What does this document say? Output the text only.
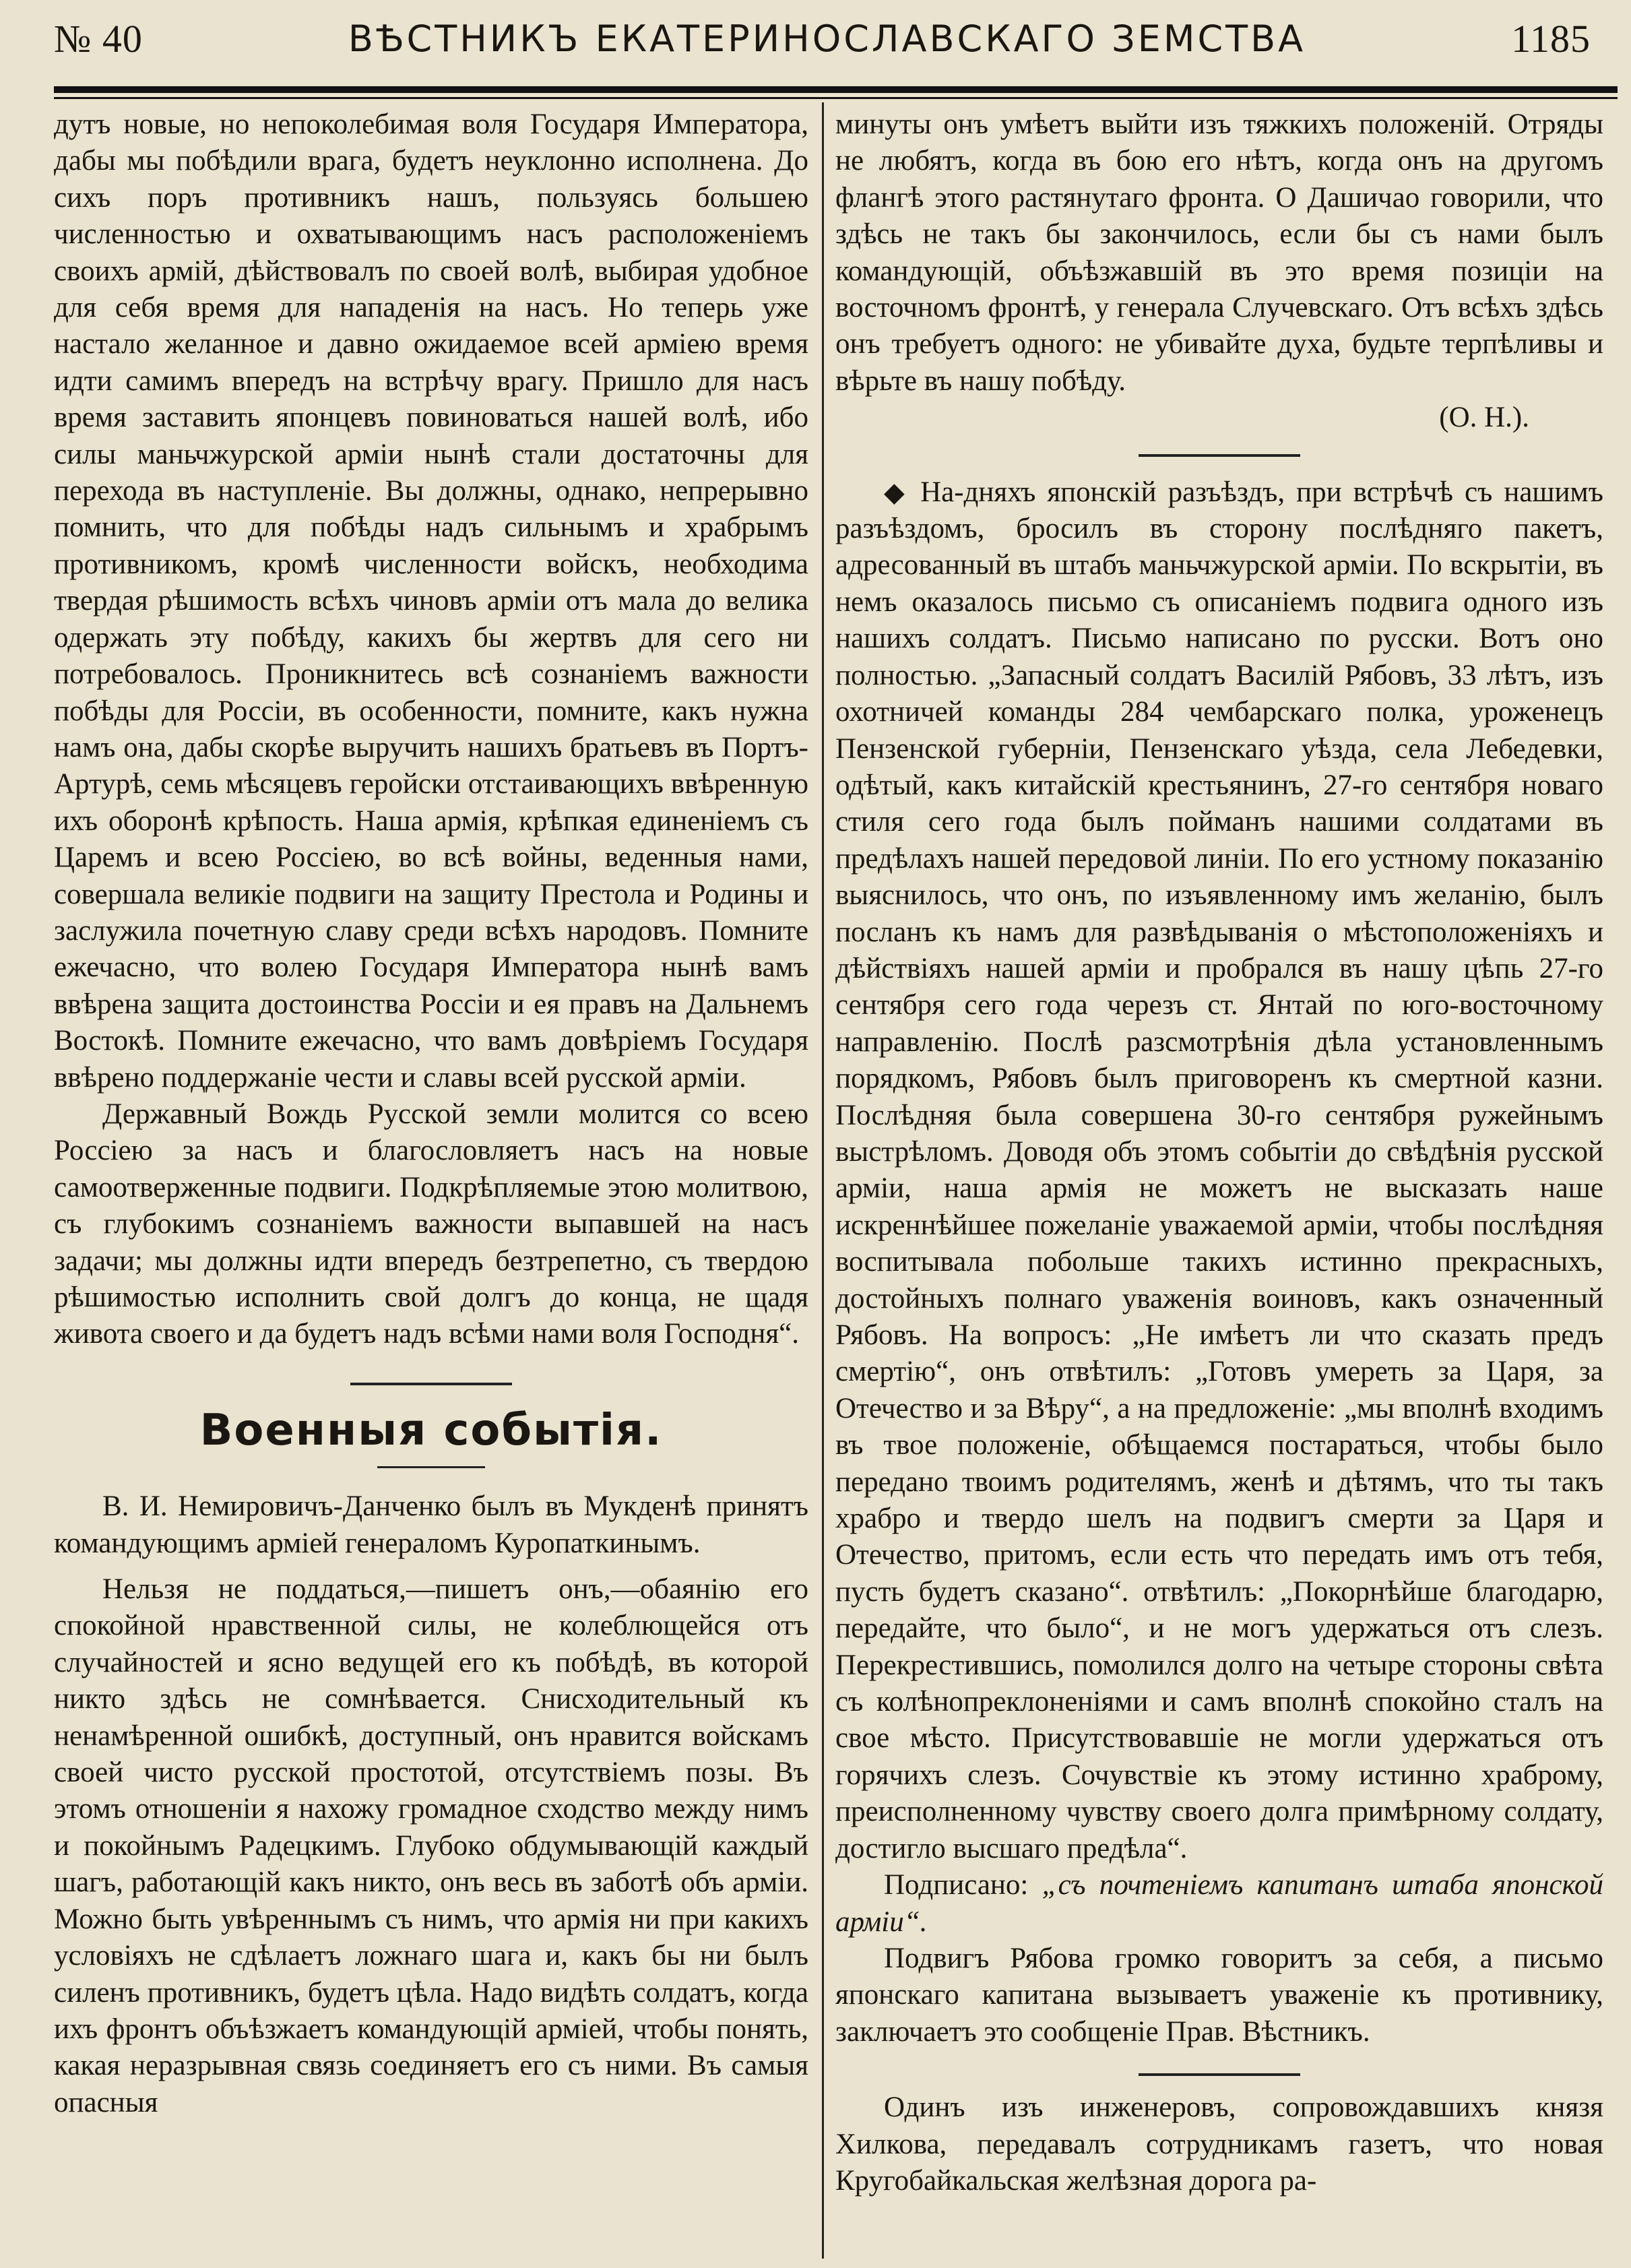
№ 40	ВѢСТНИКЪ ЕКАТЕРИНОСЛАВСКАГО ЗЕМСТВА	1185

дутъ новые, но непоколебимая воля Государя Императора, дабы мы побѣдили врага, будетъ неуклонно исполнена. До сихъ поръ противникъ нашъ, пользуясь большею численностью и охватывающимъ насъ расположенiемъ своихъ армій, дѣйствовалъ по своей волѣ, выбирая удобное для себя время для нападенія на насъ. Но теперь уже настало желанное и давно ожидаемое всей арміею время идти самимъ впередъ на встрѣчу врагу. Пришло для насъ время заставить японцевъ повиноваться нашей волѣ, ибо силы маньчжурской арміи нынѣ стали достаточны для перехода въ наступленіе. Вы должны, однако, непрерывно помнить, что для побѣды надъ сильнымъ и храбрымъ противникомъ, кромѣ численности войскъ, необходима твердая рѣшимость всѣхъ чиновъ арміи отъ мала до велика одержать эту побѣду, какихъ бы жертвъ для сего ни потребовалось. Проникнитесь всѣ сознаніемъ важности побѣды для Россіи, въ особенности, помните, какъ нужна намъ она, дабы скорѣе выручить нашихъ братьевъ въ Портъ-Артурѣ, семь мѣсяцевъ геройски отстаивающихъ ввѣренную ихъ оборонѣ крѣпость. Наша армія, крѣпкая единеніемъ съ Царемъ и всею Россіею, во всѣ войны, веденныя нами, совершала великіе подвиги на защиту Престола и Родины и заслужила почетную славу среди всѣхъ народовъ. Помните ежечасно, что волею Государя Императора нынѣ вамъ ввѣрена защита достоинства Россіи и ея правъ на Дальнемъ Востокѣ. Помните ежечасно, что вамъ довѣріемъ Государя ввѣрено поддержаніе чести и славы всей русской арміи.

Державный Вождь Русской земли молится со всею Россіею за насъ и благословляетъ насъ на новые самоотверженные подвиги. Подкрѣпляемые этою молитвою, съ глубокимъ сознаніемъ важности выпавшей на насъ задачи; мы должны идти впередъ безтрепетно, съ твердою рѣшимостью исполнить свой долгъ до конца, не щадя живота своего и да будетъ надъ всѣми нами воля Господня“.

Военныя событія.

В. И. Немировичъ-Данченко былъ въ Мукденѣ принятъ командующимъ арміей генераломъ Куропаткинымъ.

Нельзя не поддаться,—пишетъ онъ,—обаянію его спокойной нравственной силы, не колеблющейся отъ случайностей и ясно ведущей его къ побѣдѣ, въ которой никто здѣсь не сомнѣвается. Снисходительный къ ненамѣренной ошибкѣ, доступный, онъ нравится войскамъ своей чисто русской простотой, отсутствіемъ позы. Въ этомъ отношеніи я нахожу громадное сходство между нимъ и покойнымъ Радецкимъ. Глубоко обдумывающій каждый шагъ, работающій какъ никто, онъ весь въ заботѣ объ арміи. Можно быть увѣреннымъ съ нимъ, что армія ни при какихъ условіяхъ не сдѣлаетъ ложнаго шага и, какъ бы ни былъ силенъ противникъ, будетъ цѣла. Надо видѣть солдатъ, когда ихъ фронтъ объѣзжаетъ командующій арміей, чтобы понять, какая неразрывная связь соединяетъ его съ ними. Въ самыя опасныя

минуты онъ умѣетъ выйти изъ тяжкихъ положеній. Отряды не любятъ, когда въ бою его нѣтъ, когда онъ на другомъ флангѣ этого растянутаго фронта. О Дашичао говорили, что здѣсь не такъ бы закончилось, если бы съ нами былъ командующій, объѣзжавшій въ это время позиціи на восточномъ фронтѣ, у генерала Случевскаго. Отъ всѣхъ здѣсь онъ требуетъ одного: не убивайте духа, будьте терпѣливы и вѣрьте въ нашу побѣду.
(О. Н.).

◆ На-дняхъ японскій разъѣздъ, при встрѣчѣ съ нашимъ разъѣздомъ, бросилъ въ сторону послѣдняго пакетъ, адресованный въ штабъ маньчжурской арміи. По вскрытіи, въ немъ оказалось письмо съ описаніемъ подвига одного изъ нашихъ солдатъ. Письмо написано по русски. Вотъ оно полностью. „Запасный солдатъ Василій Рябовъ, 33 лѣтъ, изъ охотничей команды 284 чембарскаго полка, уроженецъ Пензенской губерніи, Пензенскаго уѣзда, села Лебедевки, одѣтый, какъ китайскій крестьянинъ, 27-го сентября новаго стиля сего года былъ пойманъ нашими солдатами въ предѣлахъ нашей передовой линіи. По его устному показанію выяснилось, что онъ, по изъявленному имъ желанію, былъ посланъ къ намъ для развѣдыванія о мѣстоположеніяхъ и дѣйствіяхъ нашей арміи и пробрался въ нашу цѣпь 27-го сентября сего года черезъ ст. Янтай по юго-восточному направленію. Послѣ разсмотрѣнія дѣла установленнымъ порядкомъ, Рябовъ былъ приговоренъ къ смертной казни. Послѣдняя была совершена 30-го сентября ружейнымъ выстрѣломъ. Доводя объ этомъ событіи до свѣдѣнія русской арміи, наша армія не можетъ не высказать наше искреннѣйшее пожеланіе уважаемой арміи, чтобы послѣдняя воспитывала побольше такихъ истинно прекрасныхъ, достойныхъ полнаго уваженія воиновъ, какъ означенный Рябовъ. На вопросъ: „Не имѣетъ ли что сказать предъ смертію“, онъ отвѣтилъ: „Готовъ умереть за Царя, за Отечество и за Вѣру“, а на предложеніе: „мы вполнѣ входимъ въ твое положеніе, обѣщаемся постараться, чтобы было передано твоимъ родителямъ, женѣ и дѣтямъ, что ты такъ храбро и твердо шелъ на подвигъ смерти за Царя и Отечество, притомъ, если есть что передать имъ отъ тебя, пусть будетъ сказано“. отвѣтилъ: „Покорнѣйше благодарю, передайте, что было“, и не могъ удержаться отъ слезъ. Перекрестившись, помолился долго на четыре стороны свѣта съ колѣнопреклоненіями и самъ вполнѣ спокойно сталъ на свое мѣсто. Присутствовавшіе не могли удержаться отъ горячихъ слезъ. Сочувствіе къ этому истинно храброму, преисполненному чувству своего долга примѣрному солдату, достигло высшаго предѣла“.

Подписано: „съ почтеніемъ капитанъ штаба японской арміи“.

Подвигъ Рябова громко говоритъ за себя, а письмо японскаго капитана вызываетъ уваженіе къ противнику, заключаетъ это сообщеніе Прав. Вѣстникъ.

Одинъ изъ инженеровъ, сопровождавшихъ князя Хилкова, передавалъ сотрудникамъ газетъ, что новая Кругобайкальская желѣзная дорога ра-
